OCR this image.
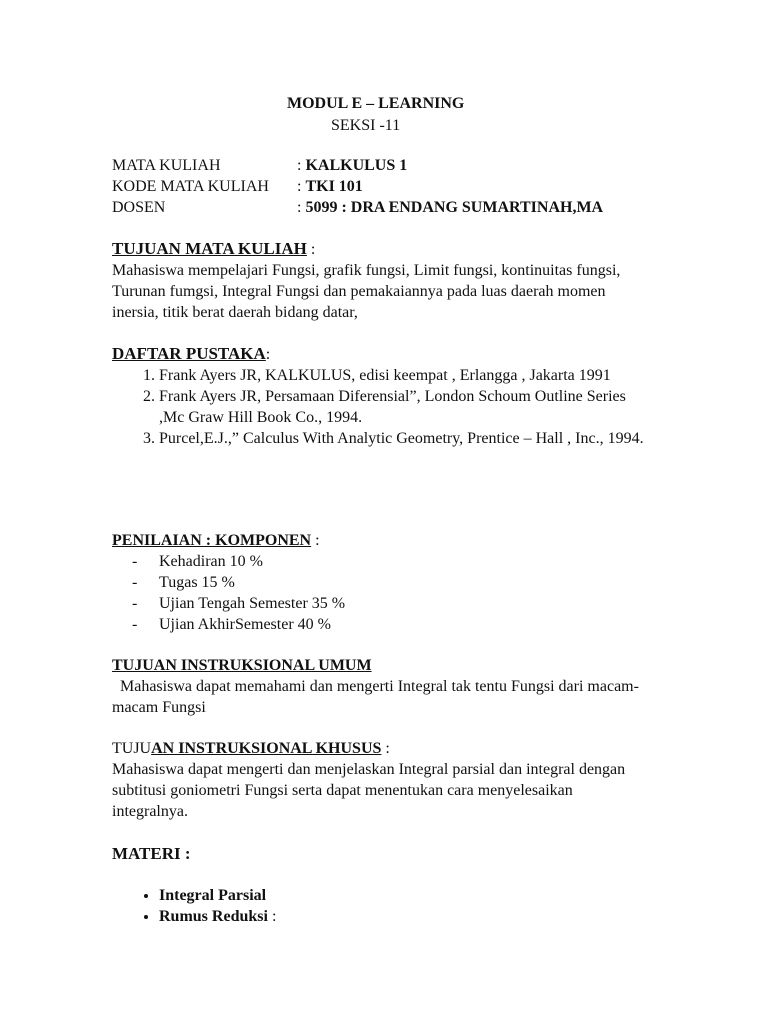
MODUL E – LEARNING
SEKSI -11
MATA KULIAH	: KALKULUS 1
KODE MATA KULIAH : TKI 101
DOSEN	: 5099 : DRA ENDANG SUMARTINAH,MA
TUJUAN MATA KULIAH :

Mahasiswa mempelajari Fungsi, grafik fungsi, Limit fungsi, kontinuitas fungsi, Turunan fumgsi, Integral Fungsi dan pemakaiannya pada luas daerah momen inersia, titik berat daerah bidang datar,

DAFTAR PUSTAKA:
1. Frank Ayers JR, KALKULUS, edisi keempat , Erlangga , Jakarta 1991
2. Frank Ayers JR, Persamaan Diferensial”, London Schoum Outline Series ,Mc Graw Hill Book Co., 1994.
3. Purcel,E.J.,” Calculus With Analytic Geometry, Prentice – Hall , Inc., 1994.
PENILAIAN : KOMPONEN :
- Kehadiran 10 %
- Tugas 15 %
- Ujian Tengah Semester 35 %
- Ujian AkhirSemester 40 %
TUJUAN INSTRUKSIONAL UMUM

Mahasiswa dapat memahami dan mengerti Integral tak tentu Fungsi dari macam-macam Fungsi

TUJUAN INSTRUKSIONAL KHUSUS :

Mahasiswa dapat mengerti dan menjelaskan Integral parsial dan integral dengan subtitusi goniometri Fungsi serta dapat menentukan cara menyelesaikan integralnya.

MATERI :
• Integral Parsial
• Rumus Reduksi :
